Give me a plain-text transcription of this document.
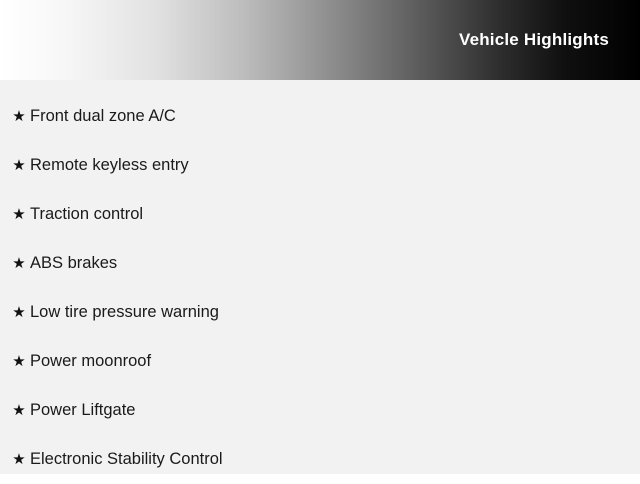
Vehicle Highlights
★ Front dual zone A/C
★ Remote keyless entry
★ Traction control
★ ABS brakes
★ Low tire pressure warning
★ Power moonroof
★ Power Liftgate
★ Electronic Stability Control
